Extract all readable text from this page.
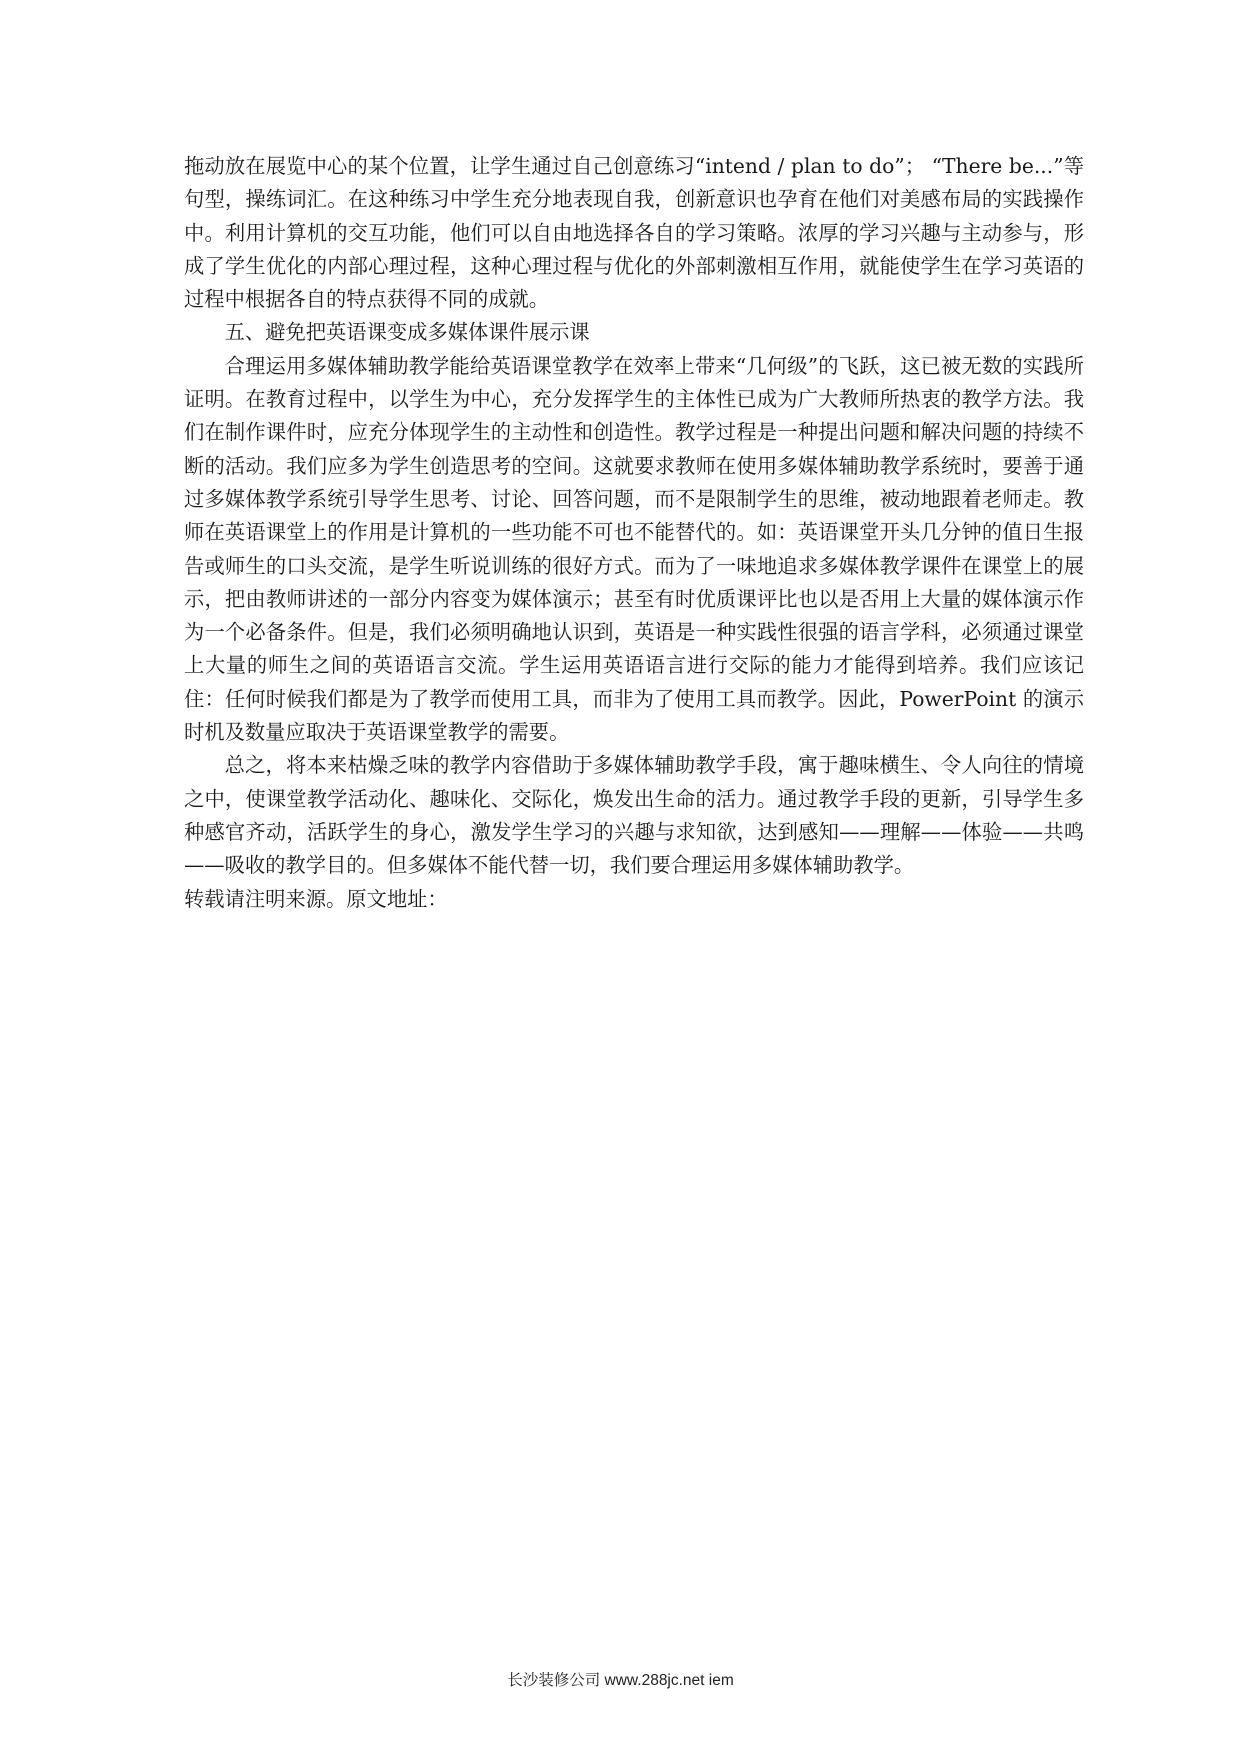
拖动放在展览中心的某个位置，让学生通过自己创意练习“intend / plan to do”； “There be...”等句型，操练词汇。在这种练习中学生充分地表现自我，创新意识也孕育在他们对美感布局的实践操作中。利用计算机的交互功能，他们可以自由地选择各自的学习策略。浓厚的学习兴趣与主动参与，形成了学生优化的内部心理过程，这种心理过程与优化的外部刺激相互作用，就能使学生在学习英语的过程中根据各自的特点获得不同的成就。

五、避免把英语课变成多媒体课件展示课

合理运用多媒体辅助教学能给英语课堂教学在效率上带来“几何级”的飞跃，这已被无数的实践所证明。在教育过程中，以学生为中心，充分发挥学生的主体性已成为广大教师所热衷的教学方法。我们在制作课件时，应充分体现学生的主动性和创造性。教学过程是一种提出问题和解决问题的持续不断的活动。我们应多为学生创造思考的空间。这就要求教师在使用多媒体辅助教学系统时，要善于通过多媒体教学系统引导学生思考、讨论、回答问题，而不是限制学生的思维，被动地跟着老师走。教师在英语课堂上的作用是计算机的一些功能不可也不能替代的。如：英语课堂开头几分钟的值日生报告或师生的口头交流，是学生听说训练的很好方式。而为了一味地追求多媒体教学课件在课堂上的展示，把由教师讲述的一部分内容变为媒体演示；甚至有时优质课评比也以是否用上大量的媒体演示作为一个必备条件。但是，我们必须明确地认识到，英语是一种实践性很强的语言学科，必须通过课堂上大量的师生之间的英语语言交流。学生运用英语语言进行交际的能力才能得到培养。我们应该记住：任何时候我们都是为了教学而使用工具，而非为了使用工具而教学。因此，PowerPoint 的演示时机及数量应取决于英语课堂教学的需要。

总之，将本来枯燥乏味的教学内容借助于多媒体辅助教学手段，寓于趣味横生、令人向往的情境之中，使课堂教学活动化、趣味化、交际化，焕发出生命的活力。通过教学手段的更新，引导学生多种感官齐动，活跃学生的身心，激发学生学习的兴趣与求知欲，达到感知——理解——体验——共鸣——吸收的教学目的。但多媒体不能代替一切，我们要合理运用多媒体辅助教学。

转载请注明来源。原文地址：

长沙装修公司 www.288jc.net iem
